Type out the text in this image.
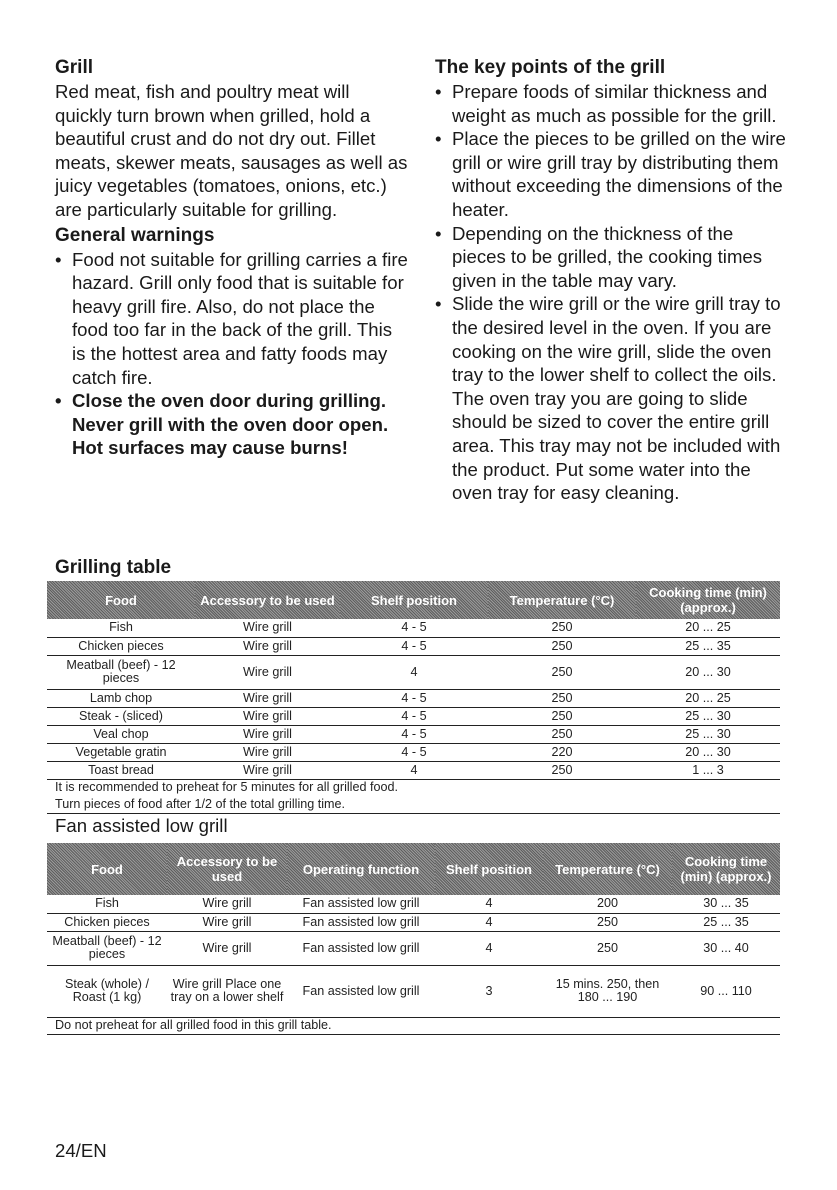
Grill

Red meat, fish and poultry meat will quickly turn brown when grilled, hold a beautiful crust and do not dry out. Fillet meats, skewer meats, sausages as well as juicy vegetables (tomatoes, onions, etc.) are particularly suitable for grilling.

General warnings
• Food not suitable for grilling carries a fire hazard. Grill only food that is suitable for heavy grill fire. Also, do not place the food too far in the back of the grill. This is the hottest area and fatty foods may catch fire.
• Close the oven door during grilling. Never grill with the oven door open. Hot surfaces may cause burns!
The key points of the grill
• Prepare foods of similar thickness and weight as much as possible for the grill.
• Place the pieces to be grilled on the wire grill or wire grill tray by distributing them without exceeding the dimensions of the heater.
• Depending on the thickness of the pieces to be grilled, the cooking times given in the table may vary.
• Slide the wire grill or the wire grill tray to the desired level in the oven. If you are cooking on the wire grill, slide the oven tray to the lower shelf to collect the oils. The oven tray you are going to slide should be sized to cover the entire grill area. This tray may not be included with the product. Put some water into the oven tray for easy cleaning.
Grilling table
Food	Accessory to be used	Shelf position	Temperature (°C)	Cooking time (min) (approx.)
Fish	Wire grill	4 - 5	250	20 ... 25
Chicken pieces	Wire grill	4 - 5	250	25 ... 35
Meatball (beef) - 12 pieces	Wire grill	4	250	20 ... 30
Lamb chop	Wire grill	4 - 5	250	20 ... 25
Steak - (sliced)	Wire grill	4 - 5	250	25 ... 30
Veal chop	Wire grill	4 - 5	250	25 ... 30
Vegetable gratin	Wire grill	4 - 5	220	20 ... 30
Toast bread	Wire grill	4	250	1 ... 3
It is recommended to preheat for 5 minutes for all grilled food.				
Turn pieces of food after 1/2 of the total grilling time.				
Fan assisted low grill
Food	Accessory to be used	Operating function	Shelf position	Temperature (°C)	Cooking time (min) (approx.)
Fish	Wire grill	Fan assisted low grill	4	200	30 ... 35
Chicken pieces	Wire grill	Fan assisted low grill	4	250	25 ... 35
Meatball (beef) - 12 pieces	Wire grill	Fan assisted low grill	4	250	30 ... 40
Steak (whole) / Roast (1 kg)	Wire grill Place one tray on a lower shelf	Fan assisted low grill	3	15 mins. 250, then 180 ... 190	90 ... 110
Do not preheat for all grilled food in this grill table.					
24/EN
